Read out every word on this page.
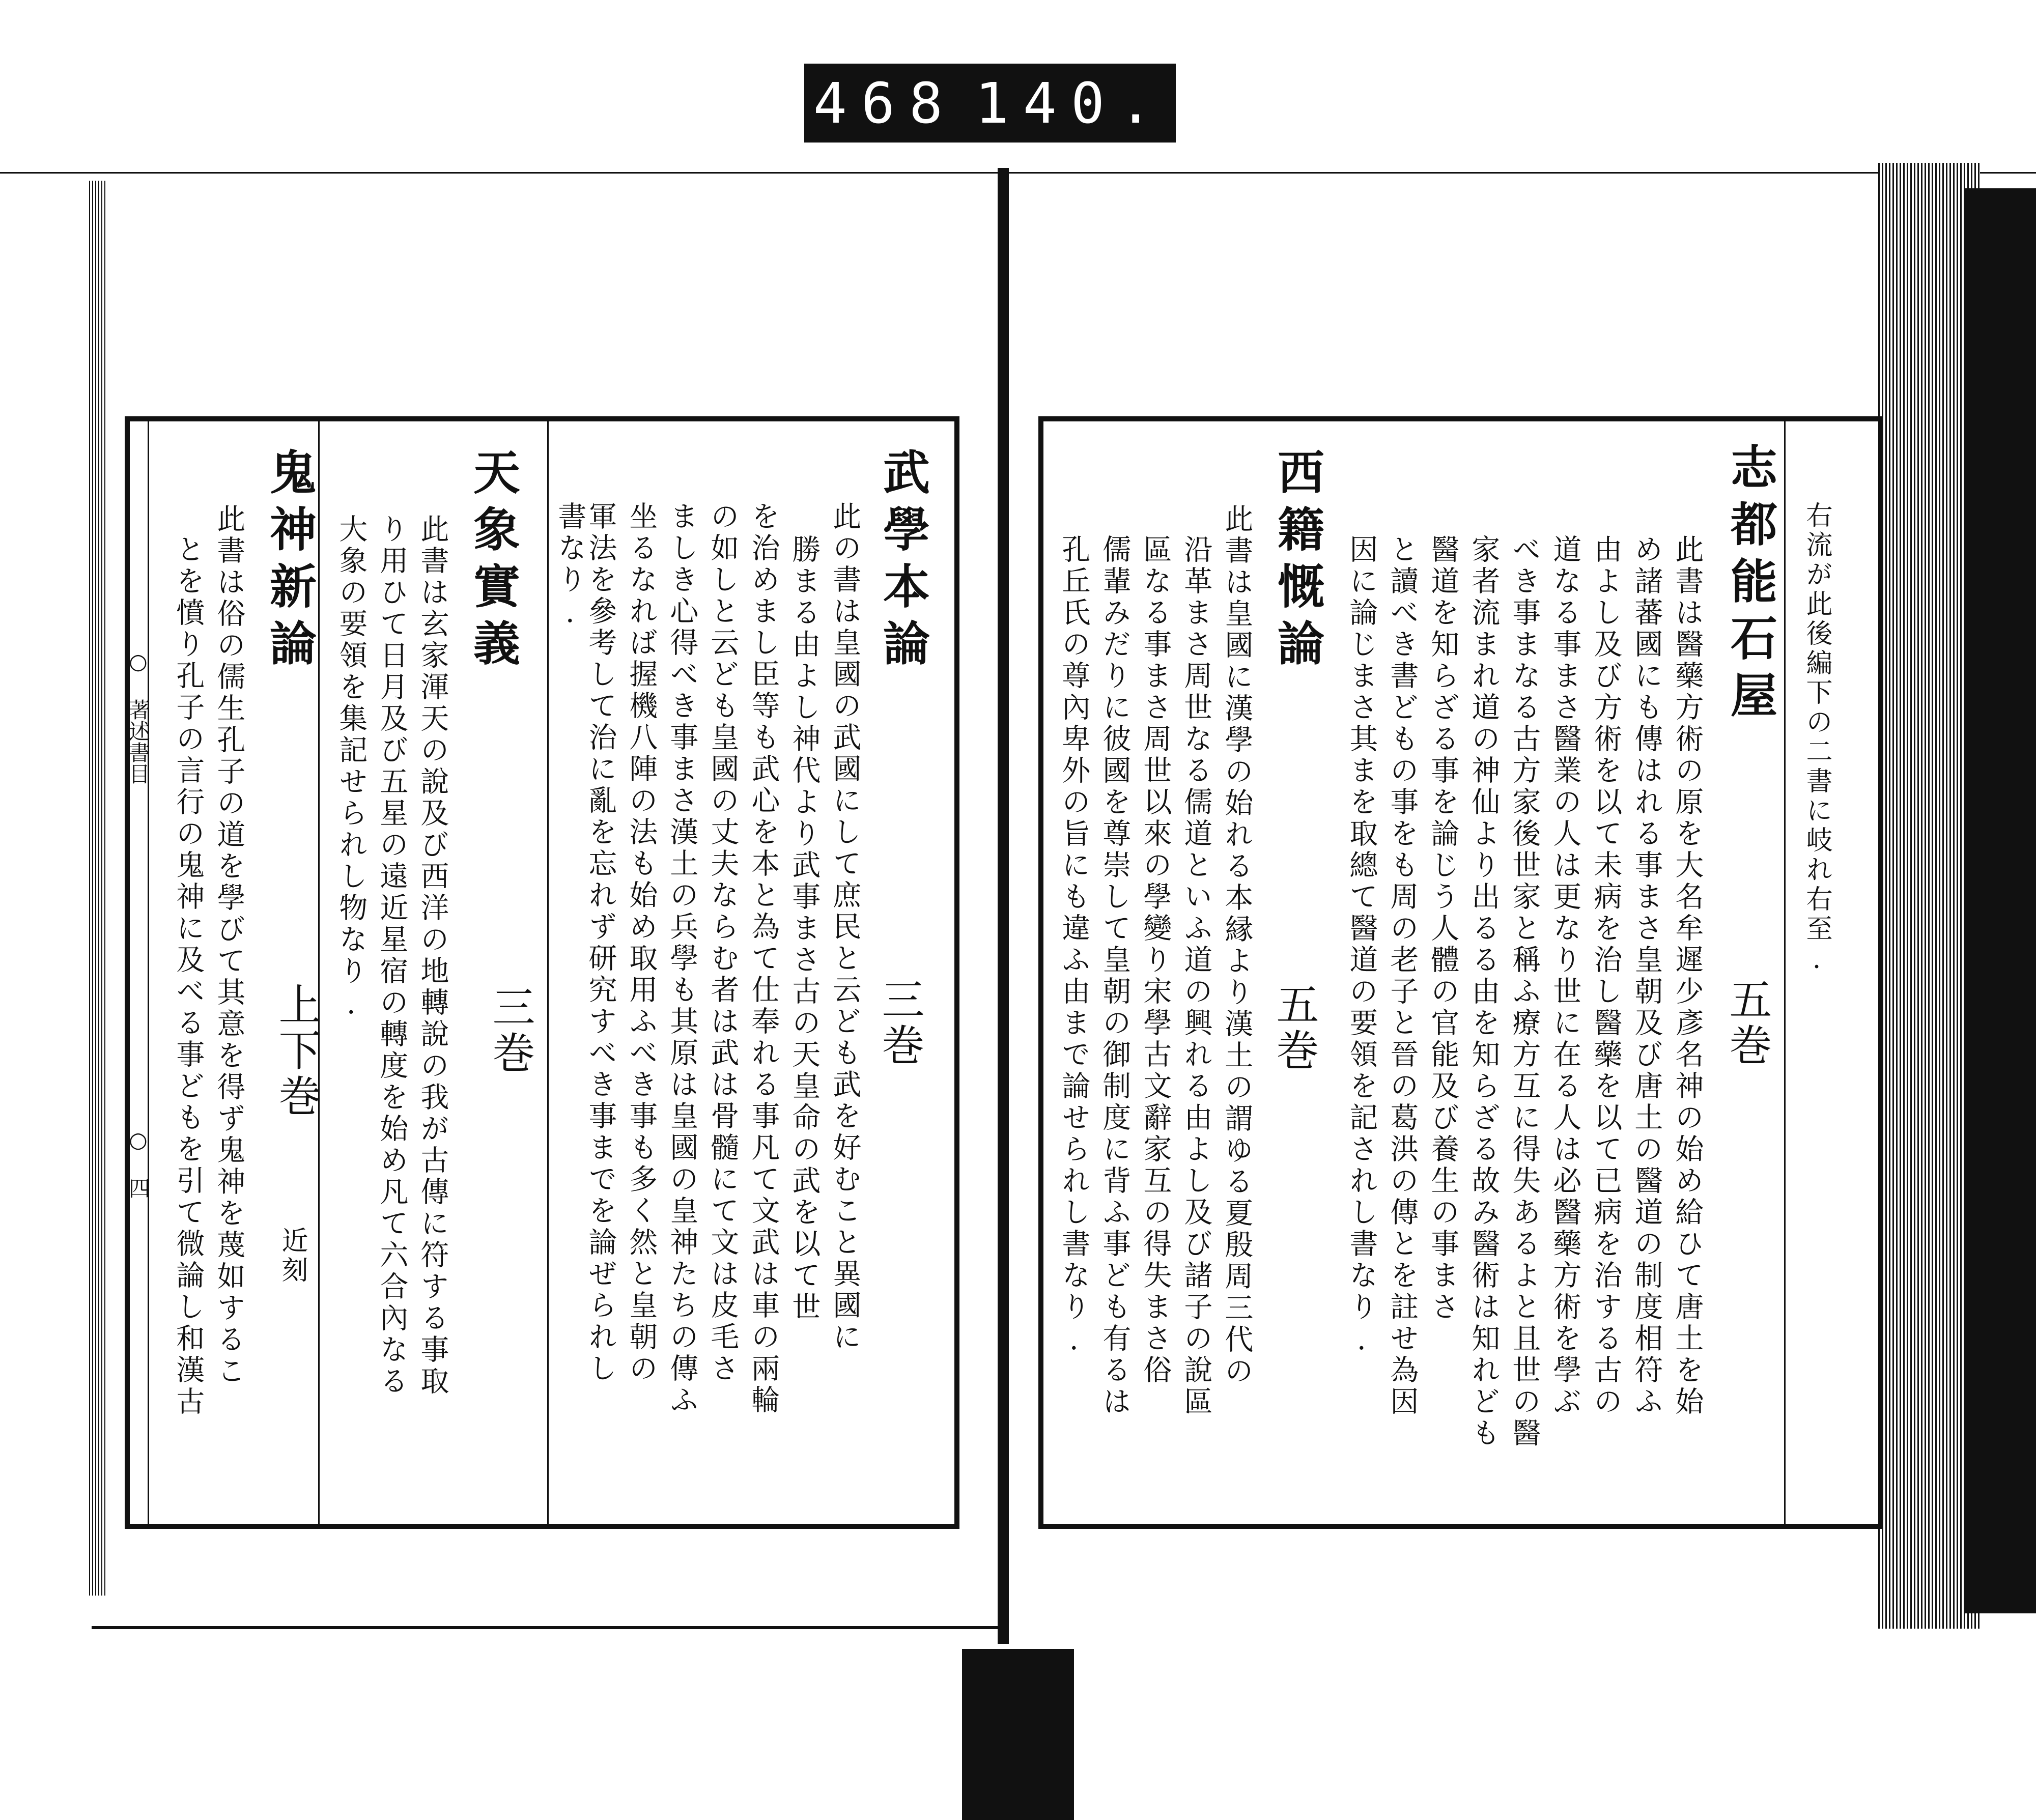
468 140.
右流が此後編下の二書に岐れ右至.
志都能石屋
五巻
此書は醫藥方術の原を大名牟遲少彥名神の始め給ひて唐土を始
め諸蕃國にも傳はれる事まさ皇朝及び唐土の醫道の制度相符ふ
由よし及び方術を以て未病を治し醫藥を以て已病を治する古の
道なる事まさ醫業の人は更なり世に在る人は必醫藥方術を學ぶ
べき事まなる古方家後世家と稱ふ療方互に得失あるよと且世の醫
家者流まれ道の神仙より出るる由を知らざる故み醫術は知れども
醫道を知らざる事を論じう人體の官能及び養生の事まさ
と讀べき書どもの事をも周の老子と晉の葛洪の傳とを註せ為因
因に論じまさ其まを取總て醫道の要領を記されし書なり.
西籍慨論
五巻
此書は皇國に漢學の始れる本縁より漢土の謂ゆる夏殷周三代の
沿革まさ周世なる儒道といふ道の興れる由よし及び諸子の說區
區なる事まさ周世以來の學變り宋學古文辭家互の得失まさ俗
儒輩みだりに彼國を尊崇して皇朝の御制度に背ふ事ども有るは
孔丘氏の尊內卑外の旨にも違ふ由まで論せられし書なり.
武學本論
三巻
此の書は皇國の武國にして庶民と云ども武を好むこと異國に
勝まる由よし神代より武事まさ古の天皇命の武を以て世
を治めまし臣等も武心を本と為て仕奉れる事凡て文武は車の兩輪
の如しと云ども皇國の丈夫ならむ者は武は骨髓にて文は皮毛さ
ましき心得べき事まさ漢土の兵學も其原は皇國の皇神たちの傳ふ
坐るなれば握機八陣の法も始め取用ふべき事も多く然と皇朝の
軍法を參考して治に亂を忘れず研究すべき事までを論ぜられし
書なり.
天象實義
三巻
此書は玄家渾天の說及び西洋の地轉說の我が古傳に符する事取
り用ひて日月及び五星の遠近星宿の轉度を始め凡て六合內なる
大象の要領を集記せられし物なり.
鬼神新論
上下巻
近刻
此書は俗の儒生孔子の道を學びて其意を得ず鬼神を蔑如するこ
とを憤り孔子の言行の鬼神に及べる事どもを引て微論し和漢古
○ 著述書目
○ 四
